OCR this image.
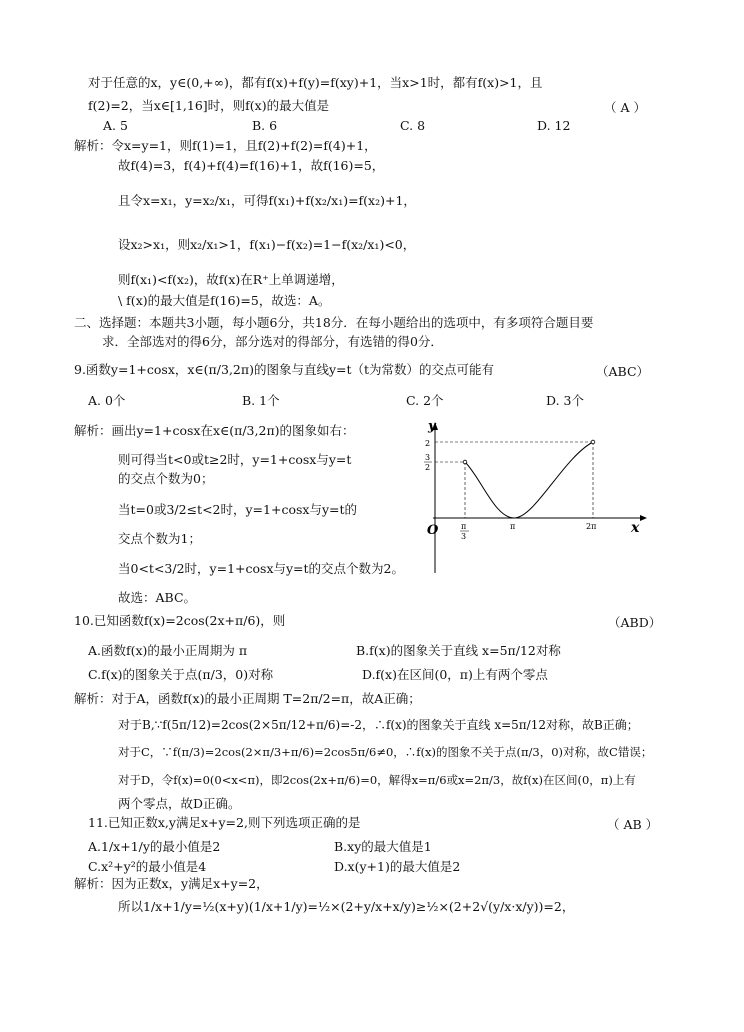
对于任意的x，y∈(0,+∞)，都有f(x)+f(y)=f(xy)+1，当x>1时，都有f(x)>1，且
f(2)=2，当x∈[1,16]时，则f(x)的最大值是	（ A ）
A. 5	B. 6	C. 8	D. 12
解析：令x=y=1，则f(1)=1，且f(2)+f(2)=f(4)+1，
故f(4)=3，f(4)+f(4)=f(16)+1，故f(16)=5，
且令x=x₁，y=x₂/x₁，可得f(x₁)+f(x₂/x₁)=f(x₂)+1，
设x₂>x₁，则x₂/x₁>1，f(x₁)−f(x₂)=1−f(x₂/x₁)<0，
则f(x₁)<f(x₂)，故f(x)在R⁺上单调递增，
\ f(x)的最大值是f(16)=5，故选：A。
二、选择题：本题共3小题，每小题6分，共18分．在每小题给出的选项中，有多项符合题目要
求．全部选对的得6分，部分选对的得部分，有选错的得0分．
9.函数y=1+cosx，x∈(π/3,2π)的图象与直线y=t（t为常数）的交点可能有	（ABC）
A. 0个	B. 1个	C. 2个	D. 3个
解析：画出y=1+cosx在x∈(π/3,2π)的图象如右：
则可得当t<0或t≥2时，y=1+cosx与y=t
的交点个数为0；
当t=0或3/2≤t<2时，y=1+cosx与y=t的
交点个数为1；
当0<t<3/2时，y=1+cosx与y=t的交点个数为2。
故选：ABC。
y
x
O
2
3
2
π
3
π	2π
10.已知函数f(x)=2cos(2x+π/6)，则	（ABD）
A.函数f(x)的最小正周期为 π	B.f(x)的图象关于直线 x=5π/12对称
C.f(x)的图象关于点(π/3，0)对称	D.f(x)在区间(0，π)上有两个零点
解析：对于A，函数f(x)的最小正周期 T=2π/2=π，故A正确；
对于B,∵f(5π/12)=2cos(2×5π/12+π/6)=-2，∴f(x)的图象关于直线 x=5π/12对称，故B正确；
对于C，∵f(π/3)=2cos(2×π/3+π/6)=2cos5π/6≠0，∴f(x)的图象不关于点(π/3，0)对称，故C错误；
对于D，令f(x)=0(0<x<π)，即2cos(2x+π/6)=0，解得x=π/6或x=2π/3，故f(x)在区间(0，π)上有
两个零点，故D正确。
11.已知正数x,y满足x+y=2,则下列选项正确的是	（ AB ）
A.1/x+1/y的最小值是2	B.xy的最大值是1
C.x²+y²的最小值是4	D.x(y+1)的最大值是2
解析：因为正数x，y满足x+y=2，
所以1/x+1/y=½(x+y)(1/x+1/y)=½×(2+y/x+x/y)≥½×(2+2√(y/x·x/y))=2，
